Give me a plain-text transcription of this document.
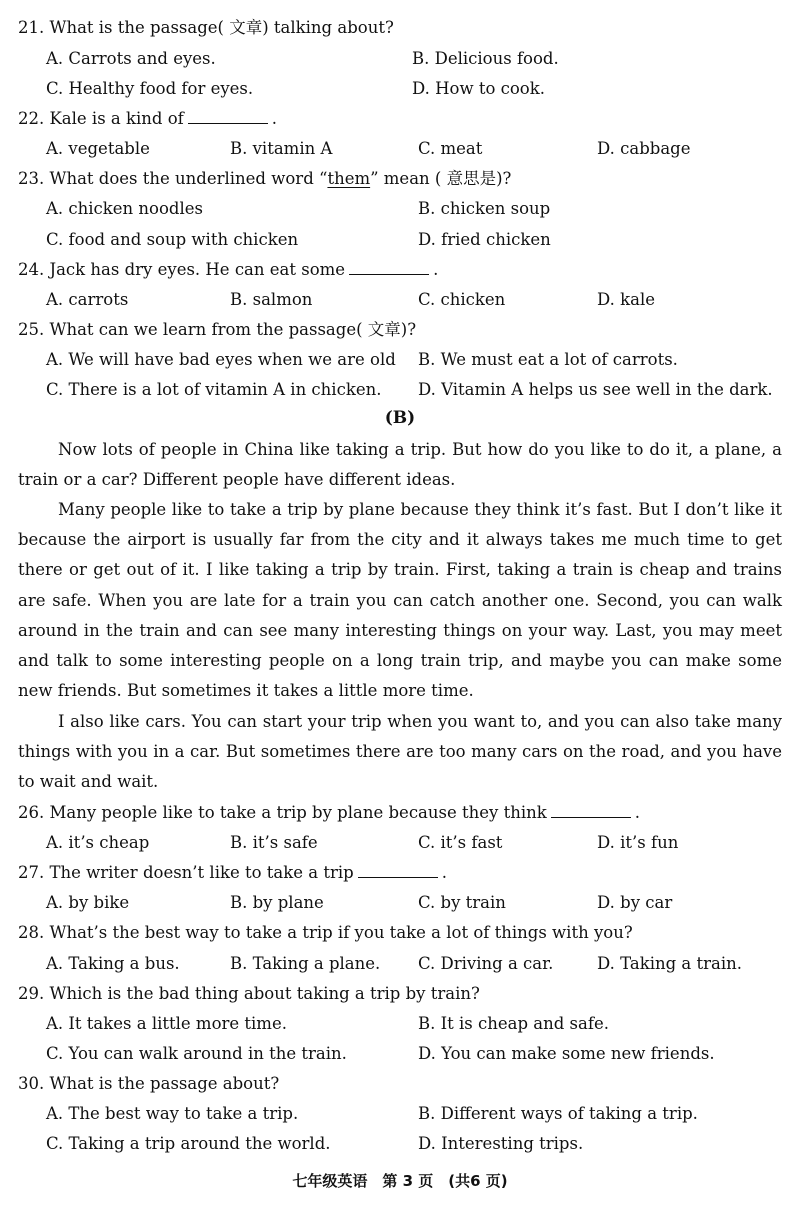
21. What is the passage( 文章) talking about?
A. Carrots and eyes.	B. Delicious food.
C. Healthy food for eyes.	D. How to cook.
22. Kale is a kind of	.
A. vegetable	B. vitamin A	C. meat	D. cabbage
23. What does the underlined word “them” mean ( 意思是)?
A. chicken noodles	B. chicken soup
C. food and soup with chicken	D. fried chicken
24. Jack has dry eyes. He can eat some	.
A. carrots	B. salmon	C. chicken	D. kale
25. What can we learn from the passage( 文章)?
A. We will have bad eyes when we are old B. We must eat a lot of carrots.
C. There is a lot of vitamin A in chicken. D. Vitamin A helps us see well in the dark.
(B)
Now lots of people in China like taking a trip. But how do you like to do it, a plane, a train or a car? Different people have different ideas.
Many people like to take a trip by plane because they think it’s fast. But I don’t like it because the airport is usually far from the city and it always takes me much time to get there or get out of it. I like taking a trip by train. First, taking a train is cheap and trains are safe. When you are late for a train you can catch another one. Second, you can walk around in the train and can see many interesting things on your way. Last, you may meet and talk to some interesting people on a long train trip, and maybe you can make some new friends. But sometimes it takes a little more time.
I also like cars. You can start your trip when you want to, and you can also take many things with you in a car. But sometimes there are too many cars on the road, and you have to wait and wait.
26. Many people like to take a trip by plane because they think	.
A. it’s cheap	B. it’s safe	C. it’s fast	D. it’s fun
27. The writer doesn’t like to take a trip	.
A. by bike	B. by plane	C. by train	D. by car
28. What’s the best way to take a trip if you take a lot of things with you?
A. Taking a bus.	B. Taking a plane. C. Driving a car.	D. Taking a train.
29. Which is the bad thing about taking a trip by train?
A. It takes a little more time.	B. It is cheap and safe.
C. You can walk around in the train.	D. You can make some new friends.
30. What is the passage about?
A. The best way to take a trip.	B. Different ways of taking a trip.
C. Taking a trip around the world.	D. Interesting trips.
七年级英语　第 3 页　(共6 页)
